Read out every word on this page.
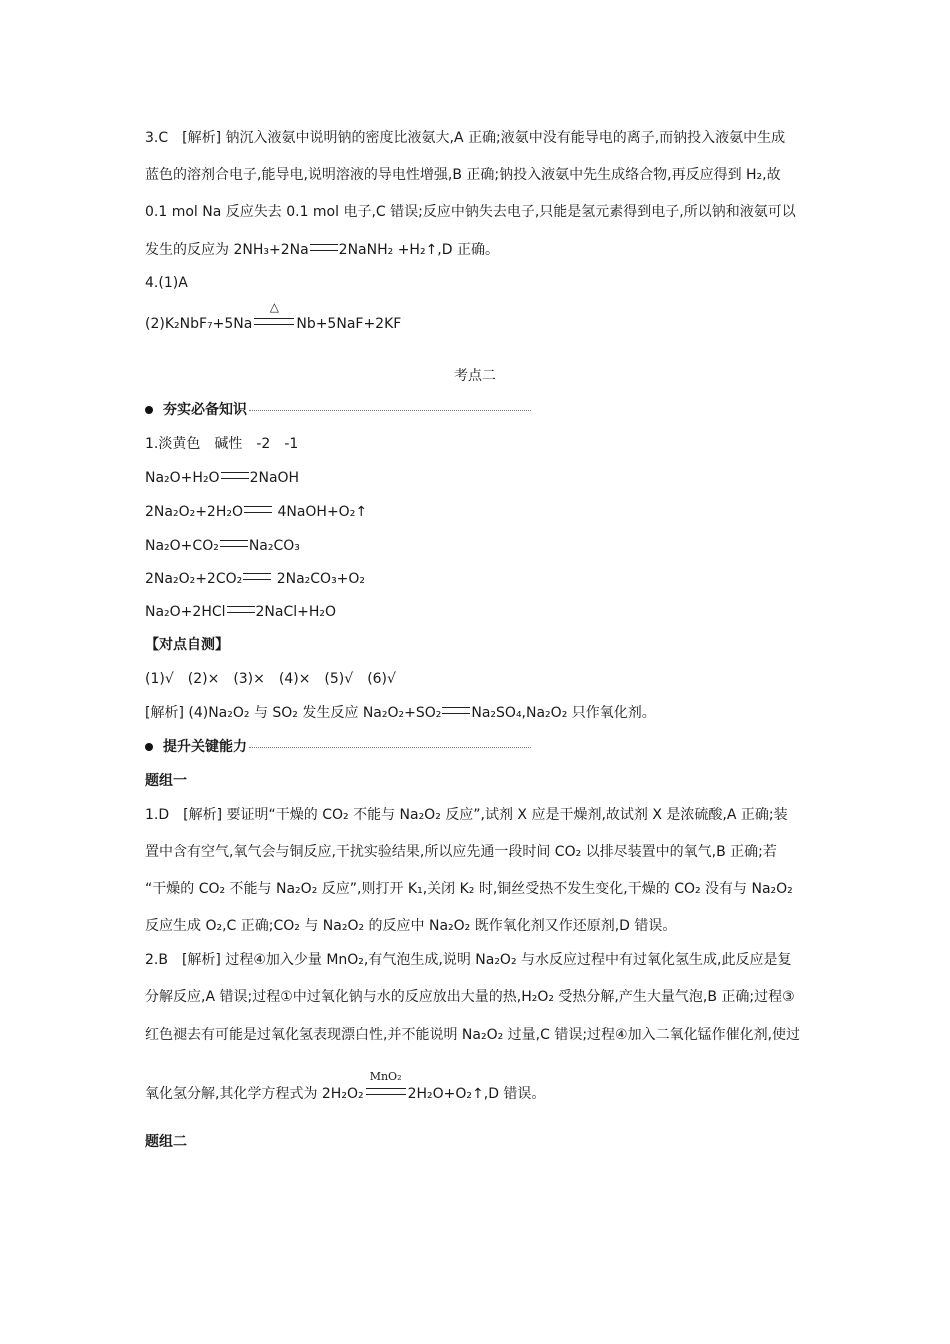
3.C　[解析] 钠沉入液氨中说明钠的密度比液氨大,A 正确;液氨中没有能导电的离子,而钠投入液氨中生成
蓝色的溶剂合电子,能导电,说明溶液的导电性增强,B 正确;钠投入液氨中先生成络合物,再反应得到 H₂,故
0.1 mol Na 反应失去 0.1 mol 电子,C 错误;反应中钠失去电子,只能是氢元素得到电子,所以钠和液氨可以
发生的反应为 2NH₃+2Na 2NaNH₂ +H₂↑,D 正确。
4.(1)A
(2)K₂NbF₇+5Na
△
Nb+5NaF+2KF
考点二
夯实必备知识
1.淡黄色　碱性　-2　-1
Na₂O+H₂O 2NaOH
2Na₂O₂+2H₂O 4NaOH+O₂↑
Na₂O+CO₂ Na₂CO₃
2Na₂O₂+2CO₂ 2Na₂CO₃+O₂
Na₂O+2HCl 2NaCl+H₂O
【对点自测】
(1)√　(2)×　(3)×　(4)×　(5)√　(6)√
[解析] (4)Na₂O₂ 与 SO₂ 发生反应 Na₂O₂+SO₂ Na₂SO₄,Na₂O₂ 只作氧化剂。
提升关键能力
题组一
1.D　[解析] 要证明“干燥的 CO₂ 不能与 Na₂O₂ 反应”,试剂 X 应是干燥剂,故试剂 X 是浓硫酸,A 正确;装
置中含有空气,氧气会与铜反应,干扰实验结果,所以应先通一段时间 CO₂ 以排尽装置中的氧气,B 正确;若
“干燥的 CO₂ 不能与 Na₂O₂ 反应”,则打开 K₁,关闭 K₂ 时,铜丝受热不发生变化,干燥的 CO₂ 没有与 Na₂O₂
反应生成 O₂,C 正确;CO₂ 与 Na₂O₂ 的反应中 Na₂O₂ 既作氧化剂又作还原剂,D 错误。
2.B　[解析] 过程④加入少量 MnO₂,有气泡生成,说明 Na₂O₂ 与水反应过程中有过氧化氢生成,此反应是复
分解反应,A 错误;过程①中过氧化钠与水的反应放出大量的热,H₂O₂ 受热分解,产生大量气泡,B 正确;过程③
红色褪去有可能是过氧化氢表现漂白性,并不能说明 Na₂O₂ 过量,C 错误;过程④加入二氧化锰作催化剂,使过
氧化氢分解,其化学方程式为 2H₂O₂
MnO₂
2H₂O+O₂↑,D 错误。
题组二
